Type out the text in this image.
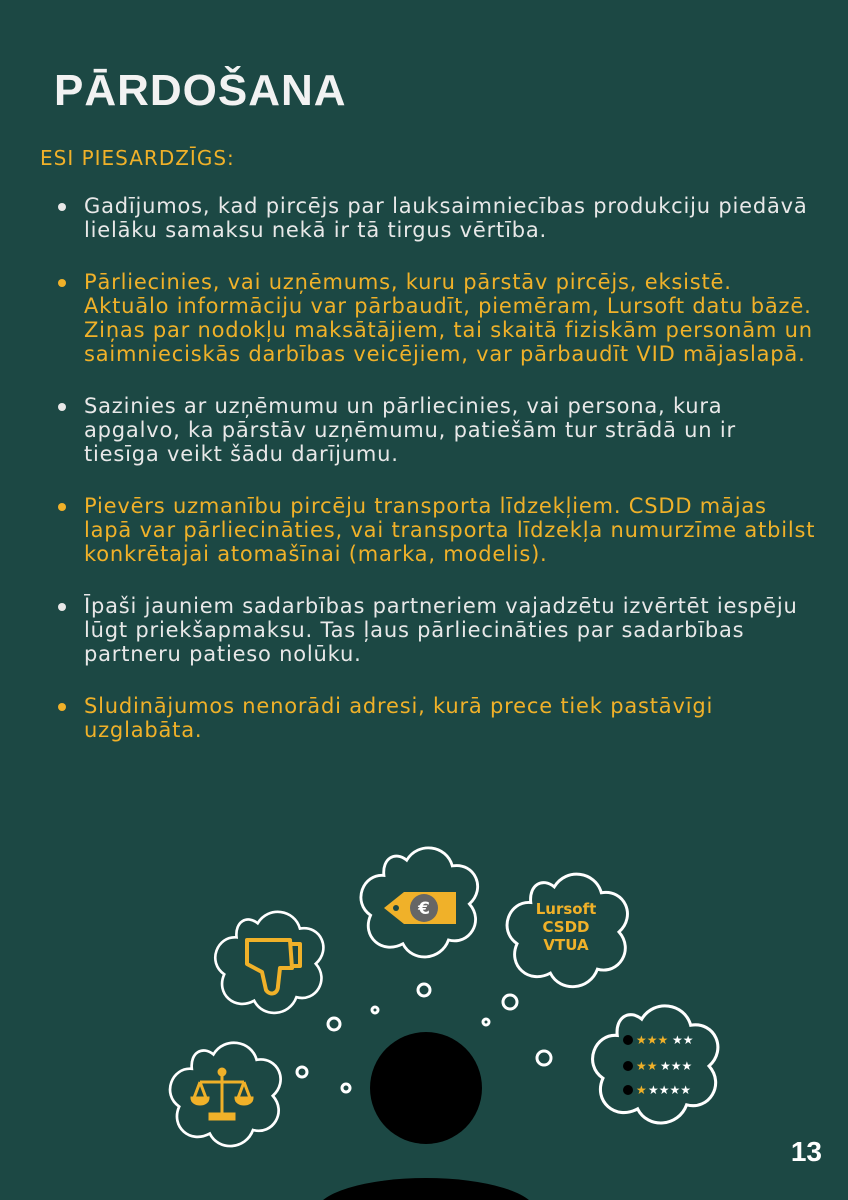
PĀRDOŠANA

ESI PIESARDZĪGS:

Gadījumos, kad pircējs par lauksaimniecības produkciju piedāvā lielāku samaksu nekā ir tā tirgus vērtība.
Pārliecinies, vai uzņēmums, kuru pārstāv pircējs, eksistē. Aktuālo informāciju var pārbaudīt, piemēram, Lursoft datu bāzē. Ziņas par nodokļu maksātājiem, tai skaitā fiziskām personām un saimnieciskās darbības veicējiem, var pārbaudīt VID mājaslapā.
Sazinies ar uzņēmumu un pārliecinies, vai persona, kura apgalvo, ka pārstāv uzņēmumu, patiešām tur strādā un ir tiesīga veikt šādu darījumu.
Pievērs uzmanību pircēju transporta līdzekļiem. CSDD mājas lapā var pārliecināties, vai transporta līdzekļa numurzīme atbilst konkrētajai atomašīnai (marka, modelis).
Īpaši jauniem sadarbības partneriem vajadzētu izvērtēt iespēju lūgt priekšapmaksu. Tas ļaus pārliecināties par sadarbības partneru patieso nolūku.
Sludinājumos nenorādi adresi, kurā prece tiek pastāvīgi uzglabāta.
€	Lursoft
CSDD
VTUA
★★★ ★★
★★ ★★★
★ ★★★★
13
